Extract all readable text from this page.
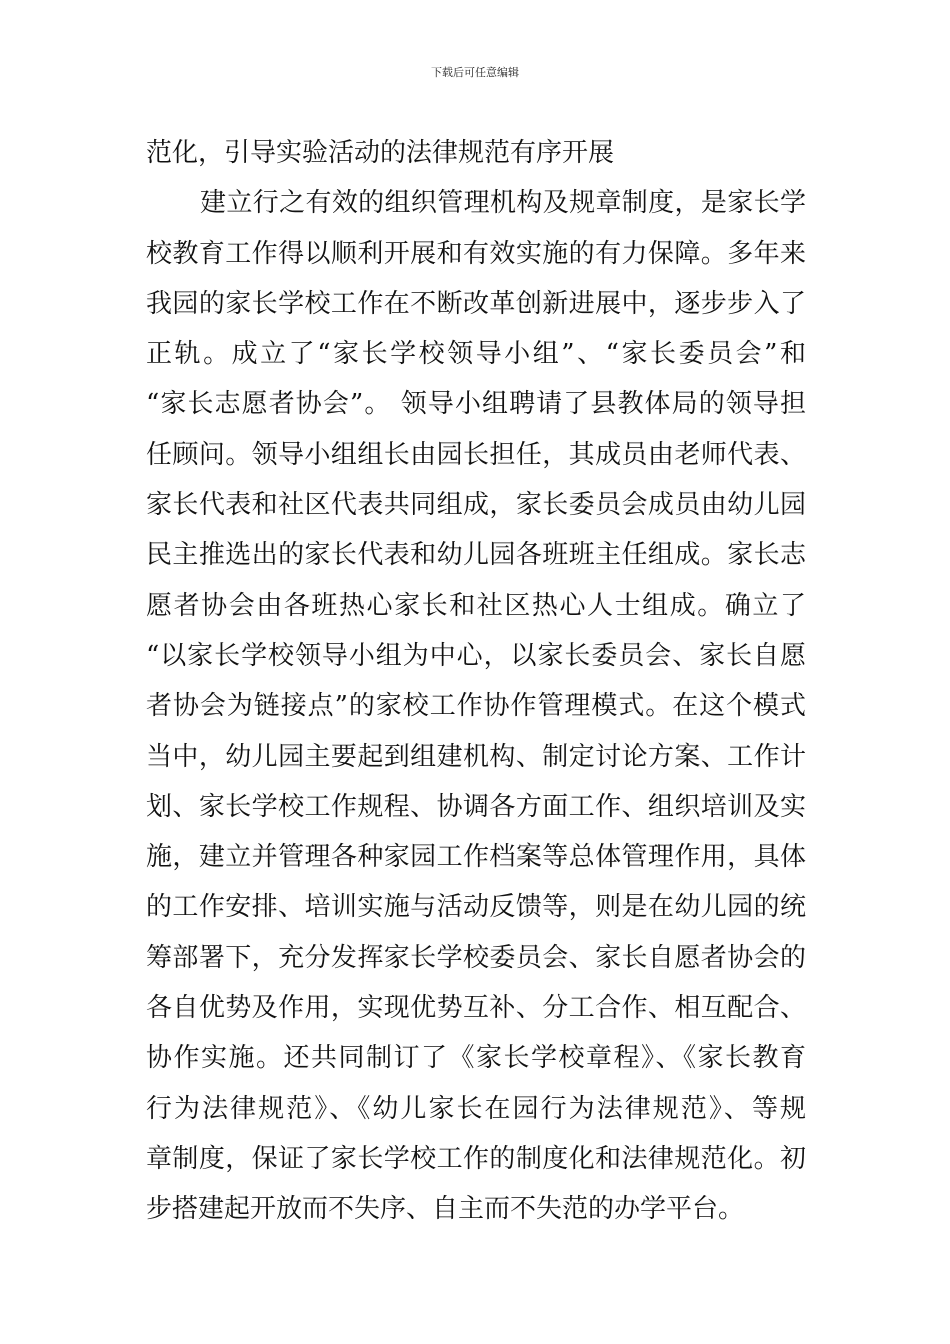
下载后可任意编辑
范化，引导实验活动的法律规范有序开展
建立行之有效的组织管理机构及规章制度，是家长学
校教育工作得以顺利开展和有效实施的有力保障。多年来
我园的家长学校工作在不断改革创新进展中，逐步步入了
正轨。成立了“家长学校领导小组”、“家长委员会”和
“家长志愿者协会”。 领导小组聘请了县教体局的领导担
任顾问。领导小组组长由园长担任，其成员由老师代表、
家长代表和社区代表共同组成，家长委员会成员由幼儿园
民主推选出的家长代表和幼儿园各班班主任组成。家长志
愿者协会由各班热心家长和社区热心人士组成。确立了
“以家长学校领导小组为中心，以家长委员会、家长自愿
者协会为链接点”的家校工作协作管理模式。在这个模式
当中，幼儿园主要起到组建机构、制定讨论方案、工作计
划、家长学校工作规程、协调各方面工作、组织培训及实
施，建立并管理各种家园工作档案等总体管理作用，具体
的工作安排、培训实施与活动反馈等，则是在幼儿园的统
筹部署下，充分发挥家长学校委员会、家长自愿者协会的
各自优势及作用，实现优势互补、分工合作、相互配合、
协作实施。还共同制订了《家长学校章程》、《家长教育
行为法律规范》、《幼儿家长在园行为法律规范》、等规
章制度，保证了家长学校工作的制度化和法律规范化。初
步搭建起开放而不失序、自主而不失范的办学平台。
